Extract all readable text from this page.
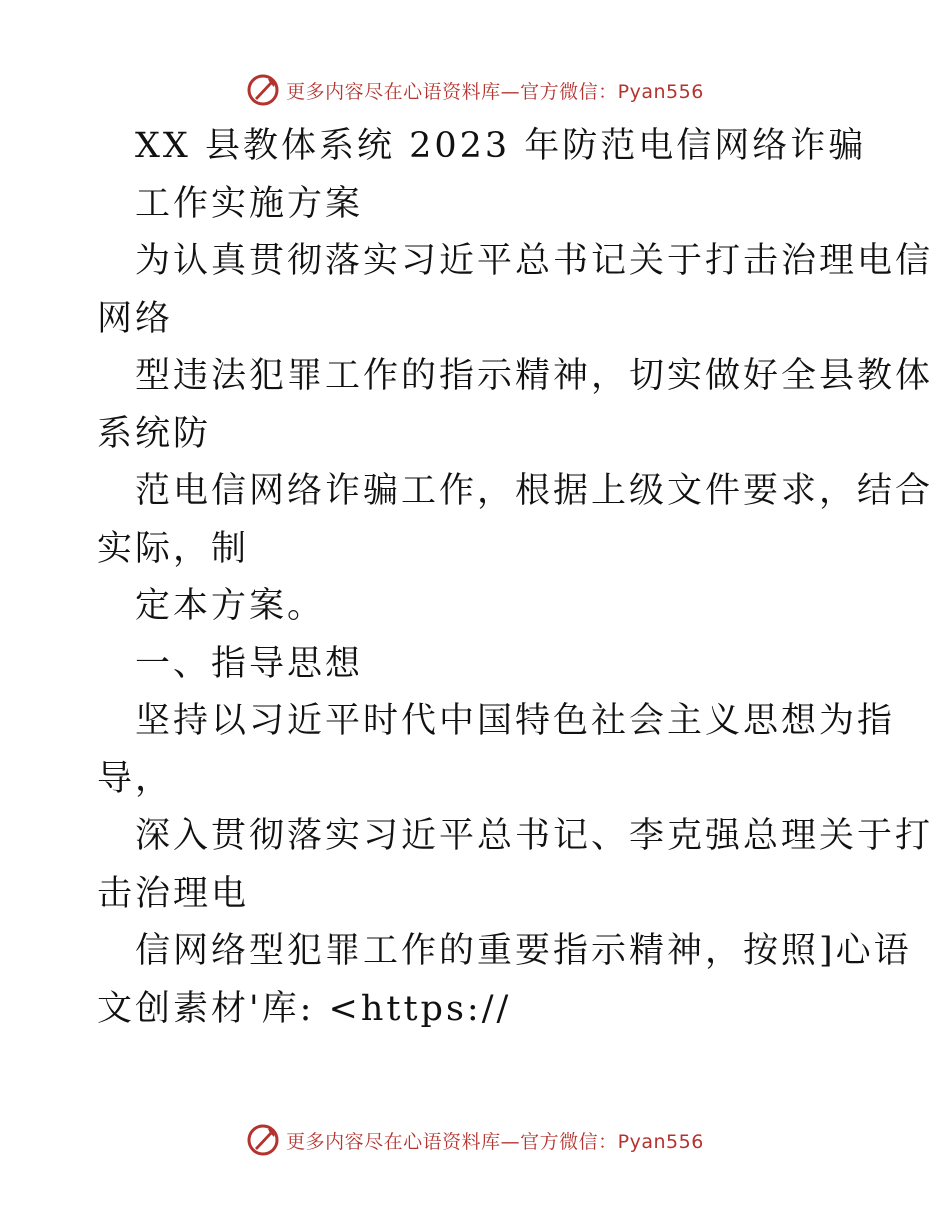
更多内容尽在心语资料库—官方微信：Pyan556
XX 县教体系统 2023 年防范电信网络诈骗
工作实施方案
为认真贯彻落实习近平总书记关于打击治理电信
网络
型违法犯罪工作的指示精神，切实做好全县教体
系统防
范电信网络诈骗工作，根据上级文件要求，结合
实际，制
定本方案。
一、指导思想
坚持以习近平时代中国特色社会主义思想为指
导，
深入贯彻落实习近平总书记、李克强总理关于打
击治理电
信网络型犯罪工作的重要指示精神，按照]心语
文创素材'库: <https://
更多内容尽在心语资料库—官方微信：Pyan556
